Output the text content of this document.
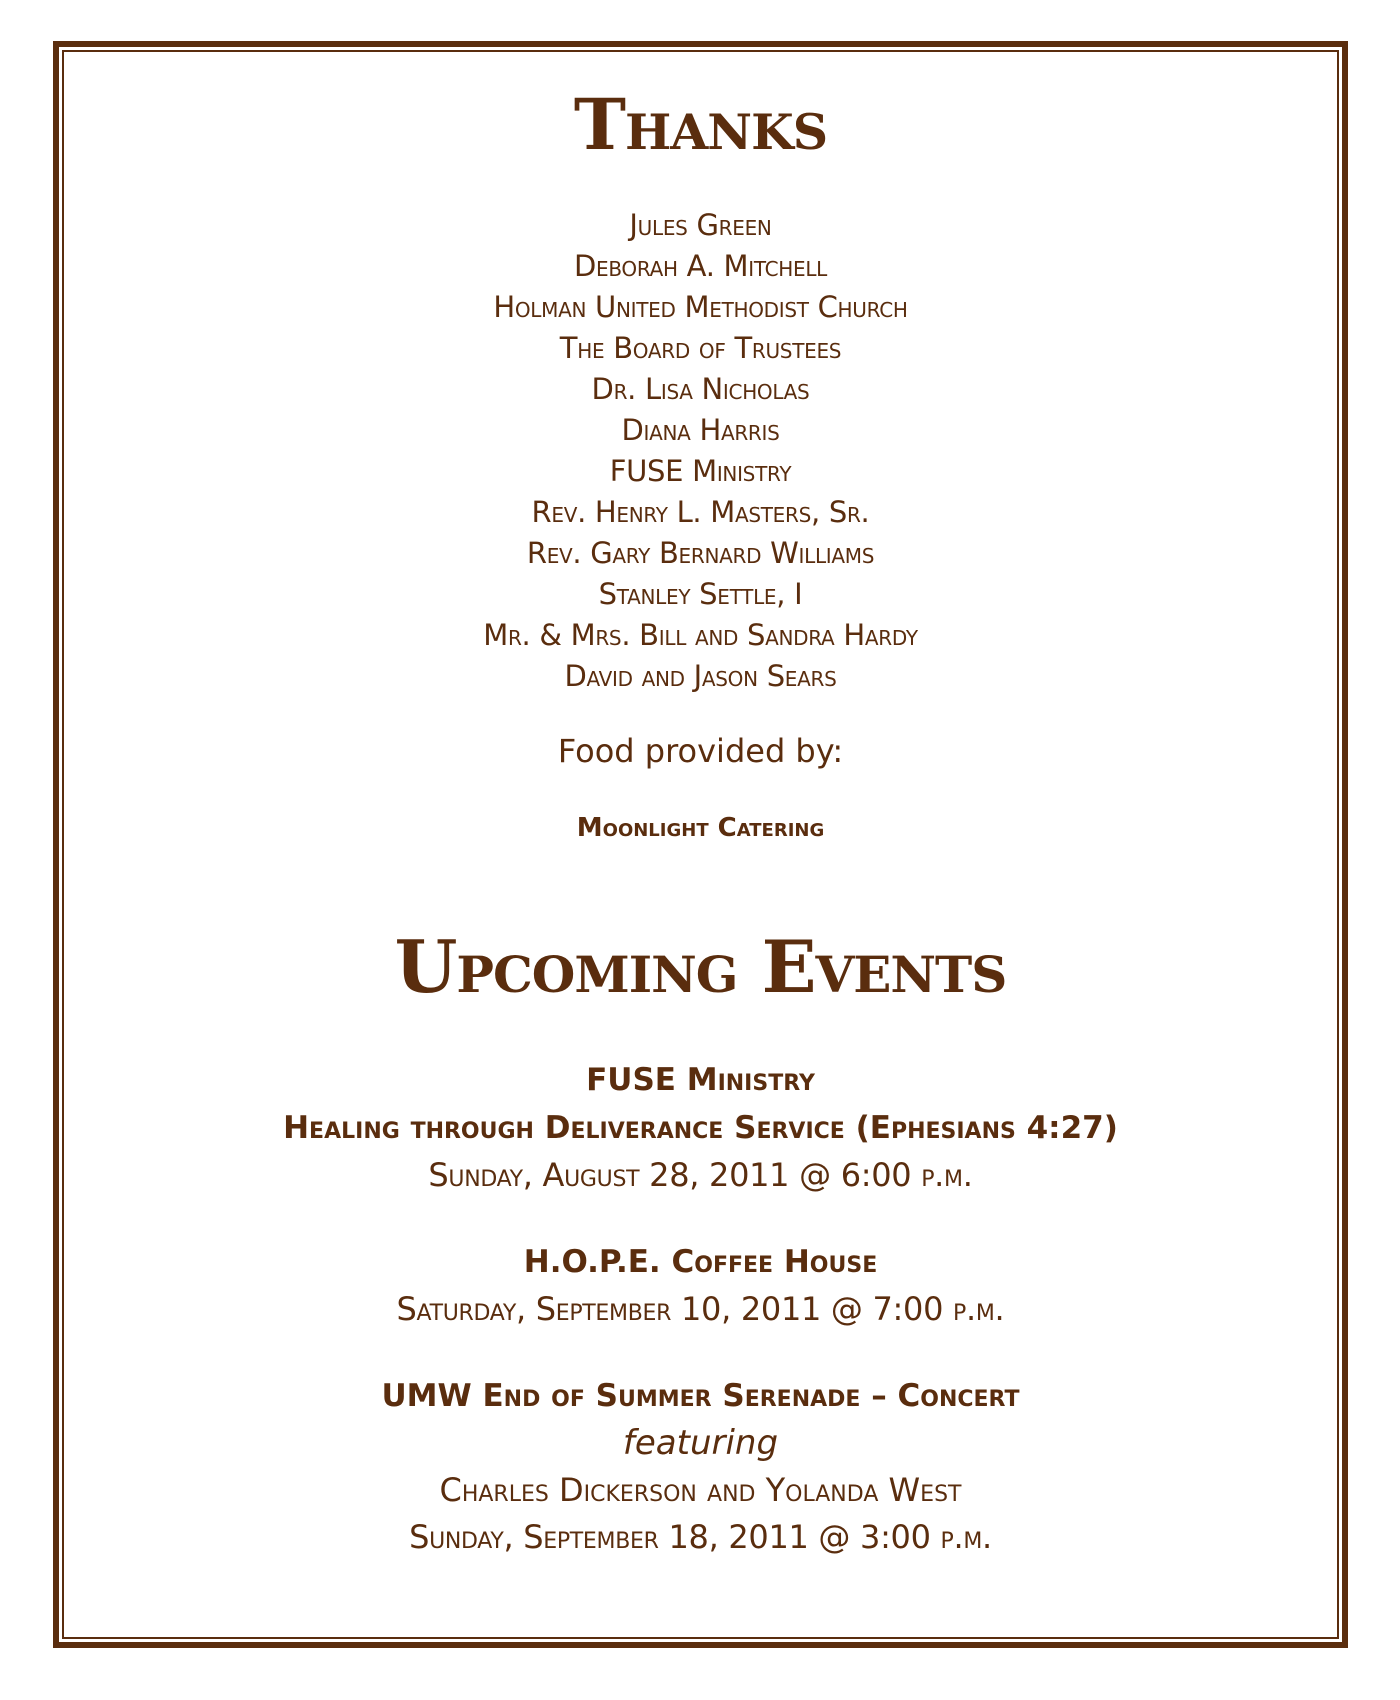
Thanks
Jules Green
Deborah A. Mitchell
Holman United Methodist Church
The Board of Trustees
Dr. Lisa Nicholas
Diana Harris
FUSE Ministry
Rev. Henry L. Masters, Sr.
Rev. Gary Bernard Williams
Stanley Settle, I
Mr. & Mrs. Bill and Sandra Hardy
David and Jason Sears
Food provided by:
Moonlight Catering
Upcoming Events
FUSE Ministry
Healing through Deliverance Service (Ephesians 4:27)
Sunday, August 28, 2011 @ 6:00 p.m.
H.O.P.E. Coffee House
Saturday, September 10, 2011 @ 7:00 p.m.
UMW End of Summer Serenade – Concert
featuring
Charles Dickerson and Yolanda West
Sunday, September 18, 2011 @ 3:00 p.m.
